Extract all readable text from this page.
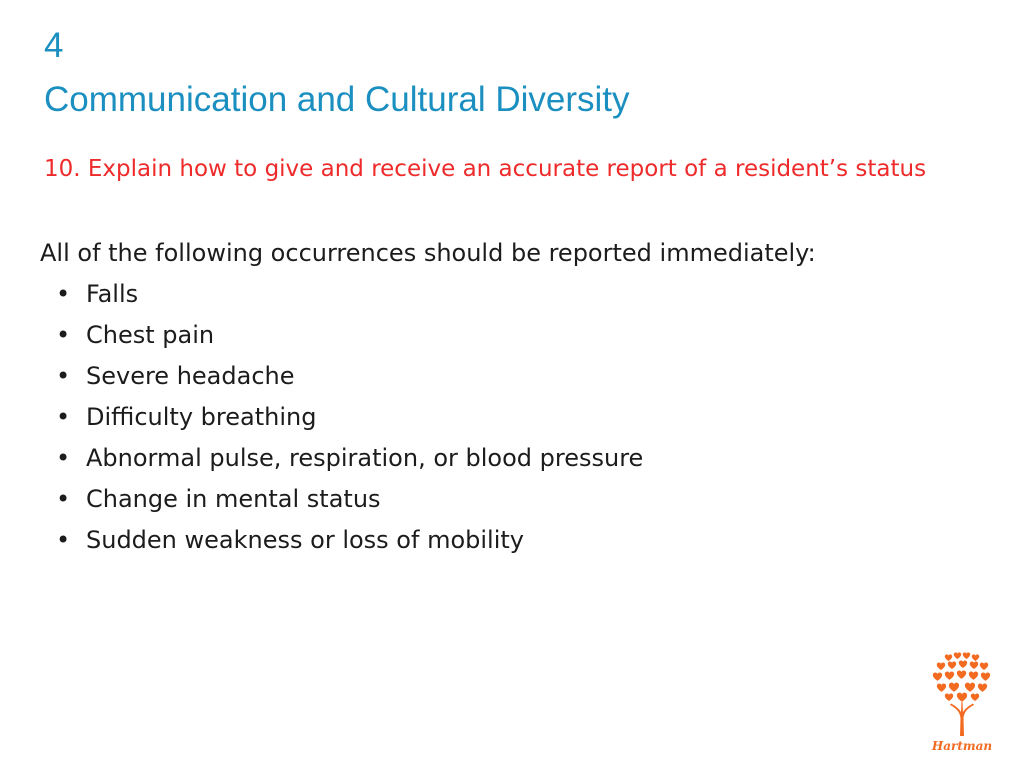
4
Communication and Cultural Diversity
10. Explain how to give and receive an accurate report of a resident’s status
All of the following occurrences should be reported immediately:
• Falls
• Chest pain
• Severe headache
• Difficulty breathing
• Abnormal pulse, respiration, or blood pressure
• Change in mental status
• Sudden weakness or loss of mobility
Hartman
